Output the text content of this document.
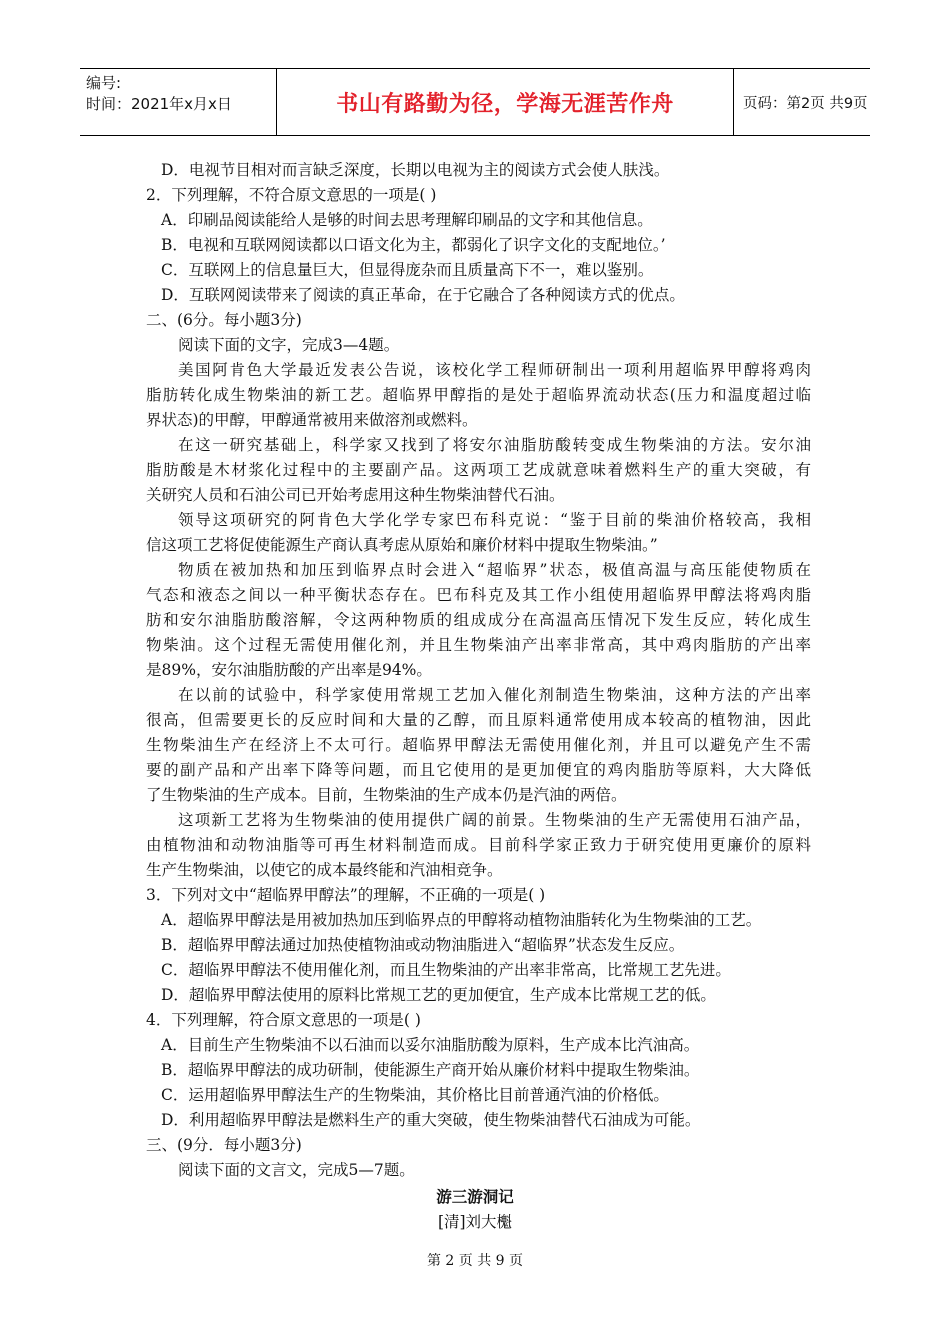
编号:
时间：2021年x月x日	书山有路勤为径，学海无涯苦作舟	页码：第2页 共9页
D．电视节目相对而言缺乏深度，长期以电视为主的阅读方式会使人肤浅。
2．下列理解，不符合原文意思的一项是( )
A．印刷品阅读能给人是够的时间去思考理解印刷品的文字和其他信息。
B．电视和互联网阅读都以口语文化为主，都弱化了识字文化的支配地位。’
C．互联网上的信息量巨大，但显得庞杂而且质量高下不一，难以鉴别。
D．互联网阅读带来了阅读的真正革命，在于它融合了各种阅读方式的优点。
二、(6分。每小题3分)
阅读下面的文字，完成3—4题。
美国阿肯色大学最近发表公告说，该校化学工程师研制出一项利用超临界甲醇将鸡肉
脂肪转化成生物柴油的新工艺。超临界甲醇指的是处于超临界流动状态(压力和温度超过临
界状态)的甲醇，甲醇通常被用来做溶剂或燃料。
在这一研究基础上，科学家又找到了将安尔油脂肪酸转变成生物柴油的方法。安尔油
脂肪酸是木材浆化过程中的主要副产品。这两项工艺成就意味着燃料生产的重大突破，有
关研究人员和石油公司已开始考虑用这种生物柴油替代石油。
领导这项研究的阿肯色大学化学专家巴布科克说：“鉴于目前的柴油价格较高，我相
信这项工艺将促使能源生产商认真考虑从原始和廉价材料中提取生物柴油。”
物质在被加热和加压到临界点时会进入“超临界”状态，极值高温与高压能使物质在
气态和液态之间以一种平衡状态存在。巴布科克及其工作小组使用超临界甲醇法将鸡肉脂
肪和安尔油脂肪酸溶解，令这两种物质的组成成分在高温高压情况下发生反应，转化成生
物柴油。这个过程无需使用催化剂，并且生物柴油产出率非常高，其中鸡肉脂肪的产出率
是89%，安尔油脂肪酸的产出率是94%。
在以前的试验中，科学家使用常规工艺加入催化剂制造生物柴油，这种方法的产出率
很高，但需要更长的反应时间和大量的乙醇，而且原料通常使用成本较高的植物油，因此
生物柴油生产在经济上不太可行。超临界甲醇法无需使用催化剂，并且可以避免产生不需
要的副产品和产出率下降等问题，而且它使用的是更加便宜的鸡肉脂肪等原料，大大降低
了生物柴油的生产成本。目前，生物柴油的生产成本仍是汽油的两倍。
这项新工艺将为生物柴油的使用提供广阔的前景。生物柴油的生产无需使用石油产品，
由植物油和动物油脂等可再生材料制造而成。目前科学家正致力于研究使用更廉价的原料
生产生物柴油，以使它的成本最终能和汽油相竞争。
3．下列对文中“超临界甲醇法”的理解，不正确的一项是( )
A．超临界甲醇法是用被加热加压到临界点的甲醇将动植物油脂转化为生物柴油的工艺。
B．超临界甲醇法通过加热使植物油或动物油脂进入“超临界”状态发生反应。
C．超临界甲醇法不使用催化剂，而且生物柴油的产出率非常高，比常规工艺先进。
D．超临界甲醇法使用的原料比常规工艺的更加便宜，生产成本比常规工艺的低。
4．下列理解，符合原文意思的一项是( )
A．目前生产生物柴油不以石油而以妥尔油脂肪酸为原料，生产成本比汽油高。
B．超临界甲醇法的成功研制，使能源生产商开始从廉价材料中提取生物柴油。
C．运用超临界甲醇法生产的生物柴油，其价格比目前普通汽油的价格低。
D．利用超临界甲醇法是燃料生产的重大突破，使生物柴油替代石油成为可能。
三、(9分．每小题3分)
阅读下面的文言文，完成5—7题。
游三游洞记
[清]刘大櫆
第 2 页 共 9 页
